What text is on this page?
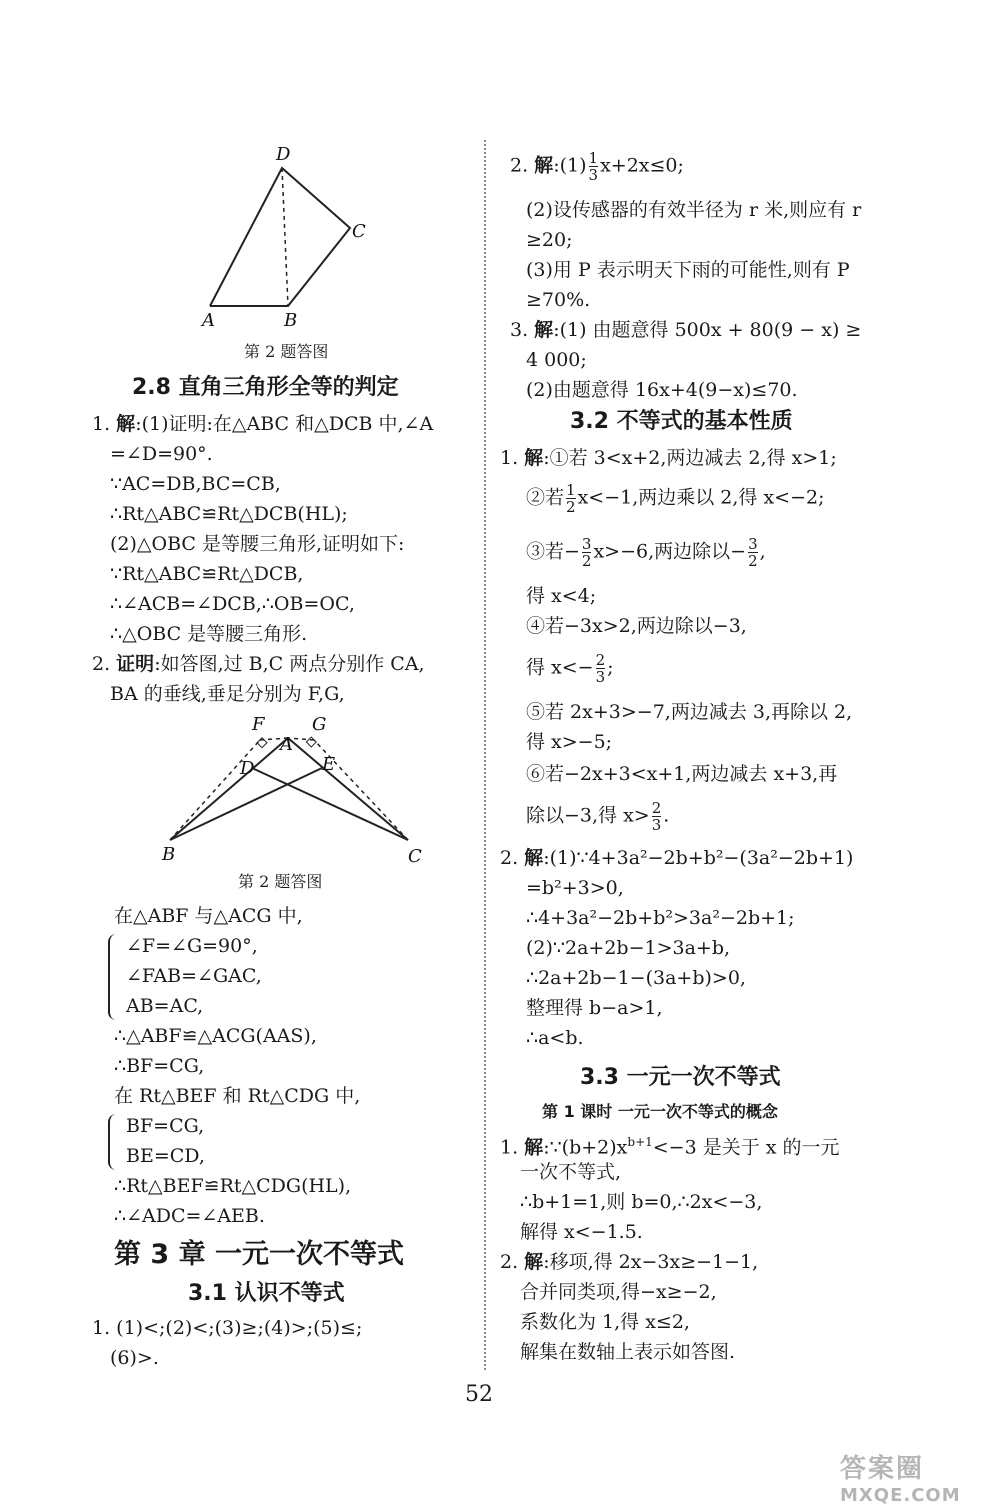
D
C
A	B
第 2 题答图
2.8 直角三角形全等的判定
1. 解:(1)证明:在△ABC 和△DCB 中,∠A
=∠D=90°.
∵AC=DB,BC=CB,
∴Rt△ABC≌Rt△DCB(HL);
(2)△OBC 是等腰三角形,证明如下:
∵Rt△ABC≌Rt△DCB,
∴∠ACB=∠DCB,∴OB=OC,
∴△OBC 是等腰三角形.
2. 证明:如答图,过 B,C 两点分别作 CA,
BA 的垂线,垂足分别为 F,G,
F	G
A
D	E
B	C
第 2 题答图
在△ABF 与△ACG 中,
∠F=∠G=90°,
∠FAB=∠GAC,
AB=AC,
∴△ABF≌△ACG(AAS),
∴BF=CG,
在 Rt△BEF 和 Rt△CDG 中,
BF=CG,
BE=CD,
∴Rt△BEF≌Rt△CDG(HL),
∴∠ADC=∠AEB.
第 3 章 一元一次不等式
3.1 认识不等式
1. (1)<;(2)<;(3)≥;(4)>;(5)≤;
(6)>.
2. 解:(1) $\frac{1}{3} x+2x\le 0$;
(2)设传感器的有效半径为 r 米,则应有 r
≥20;
(3)用 P 表示明天下雨的可能性,则有 P
≥70%.
3. 解:(1) 由题意得 500x + 80(9 − x) ≥
4 000;
(2)由题意得 16x+4(9−x)≤70.
3.2 不等式的基本性质
1. 解:①若 3<x+2,两边减去 2,得 x>1;
②若 $\frac{1}{2} x<-1$,两边乘以 2,得 x<−2;
③若− $\frac{3}{2} x>-6$,两边除以− $\frac{3}{2}$ ,
得 x<4;
④若−3x>2,两边除以−3,
得 $x<- \frac{2}{3}$ ;
⑤若 2x+3>−7,两边减去 3,再除以 2,
得 x>−5;
⑥若−2x+3<x+1,两边减去 x+3,再
除以−3,得 $x> \frac{2}{3}$ .
2. 解:(1)∵4+3a²−2b+b²−(3a²−2b+1)
=b²+3>0,
∴4+3a²−2b+b²>3a²−2b+1;
(2)∵2a+2b−1>3a+b,
∴2a+2b−1−(3a+b)>0,
整理得 b−a>1,
∴a<b.
3.3 一元一次不等式
第 1 课时 一元一次不等式的概念
1. 解$:\because(b+2)x^{b+1}<-3$ 是关于 x 的一元
一次不等式,
∴b+1=1,则 b=0,∴2x<−3,
解得 x<−1.5.
2. 解:移项,得 2x−3x≥−1−1,
合并同类项,得−x≥−2,
系数化为 1,得 x≤2,
解集在数轴上表示如答图.
52
答案圈
MXQE.COM
